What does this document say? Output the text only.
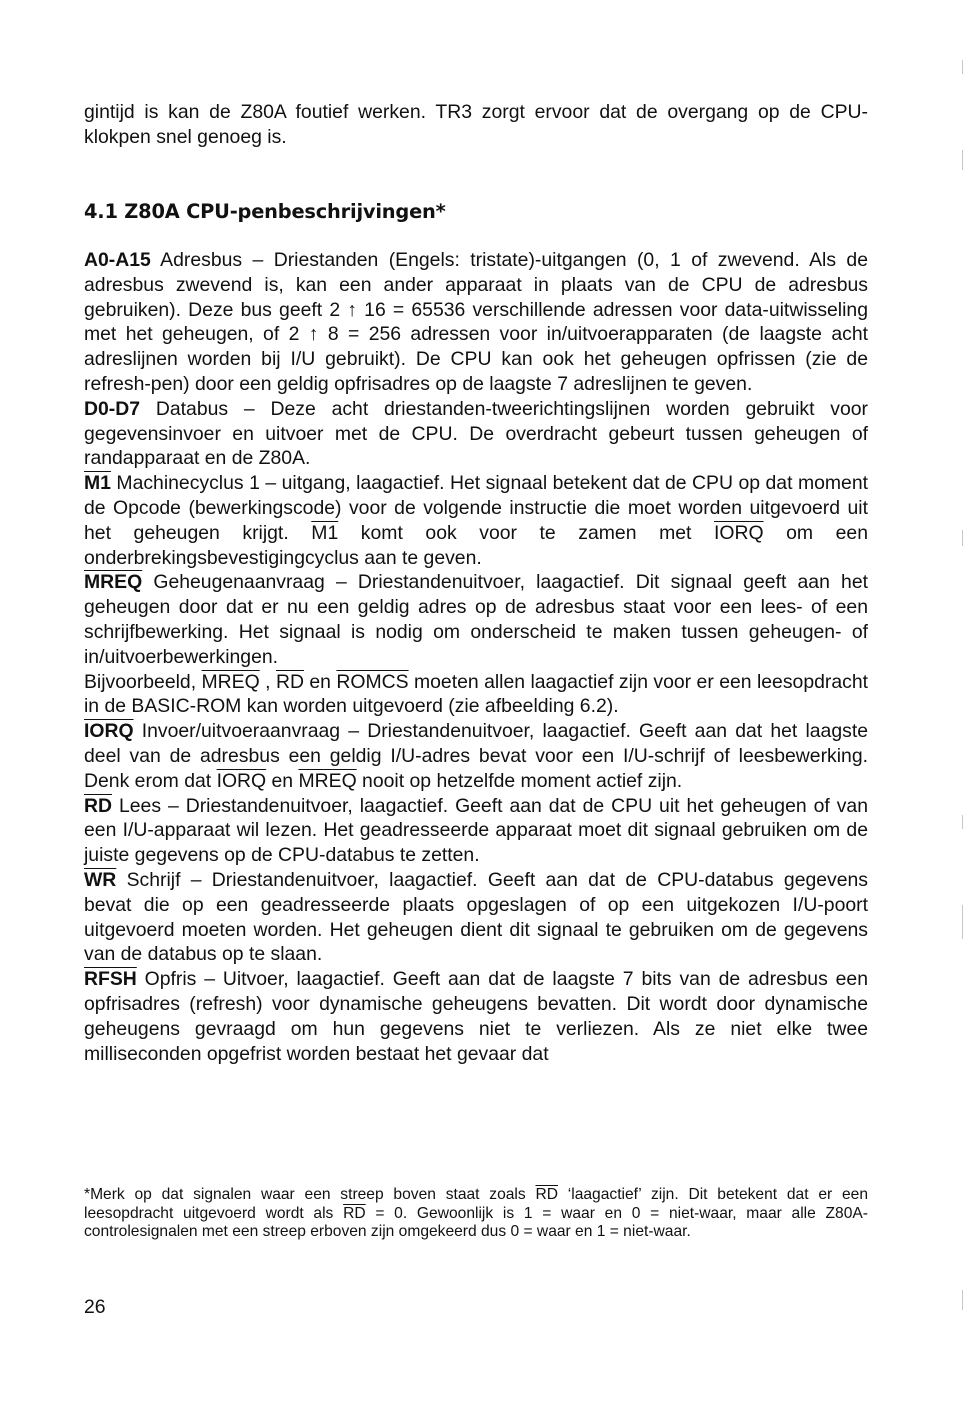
gintijd is kan de Z80A foutief werken. TR3 zorgt ervoor dat de overgang op de CPU-klokpen snel genoeg is.

4.1 Z80A CPU-penbeschrijvingen*

A0-A15 Adresbus – Driestanden (Engels: tristate)-uitgangen (0, 1 of zwevend. Als de adresbus zwevend is, kan een ander apparaat in plaats van de CPU de adresbus gebruiken). Deze bus geeft 2 ↑ 16 = 65536 verschillende adressen voor data-uitwisseling met het geheugen, of 2 ↑ 8 = 256 adressen voor in/uitvoerapparaten (de laagste acht adreslijnen worden bij I/U gebruikt). De CPU kan ook het geheugen opfrissen (zie de refresh-pen) door een geldig opfrisadres op de laagste 7 adreslijnen te geven.

D0-D7 Databus – Deze acht driestanden-tweerichtingslijnen worden gebruikt voor gegevensinvoer en uitvoer met de CPU. De overdracht gebeurt tussen geheugen of randapparaat en de Z80A.

M1 Machinecyclus 1 – uitgang, laagactief. Het signaal betekent dat de CPU op dat moment de Opcode (bewerkingscode) voor de volgende instructie die moet worden uitgevoerd uit het geheugen krijgt. M1 komt ook voor te zamen met IORQ om een onderbrekingsbevestigingcyclus aan te geven.

MREQ Geheugenaanvraag – Driestandenuitvoer, laagactief. Dit signaal geeft aan het geheugen door dat er nu een geldig adres op de adresbus staat voor een lees- of een schrijfbewerking. Het signaal is nodig om onderscheid te maken tussen geheugen- of in/uitvoerbewerkingen.

Bijvoorbeeld, MREQ , $\overline{RD}$ en ROMCS moeten allen laagactief zijn voor er een leesopdracht in de BASIC-ROM kan worden uitgevoerd (zie afbeelding 6.2).

IORQ Invoer/uitvoeraanvraag – Driestandenuitvoer, laagactief. Geeft aan dat het laagste deel van de adresbus een geldig I/U-adres bevat voor een I/U-schrijf of leesbewerking. Denk erom dat IORQ en MREQ nooit op hetzelfde moment actief zijn.

$\overline{RD}$ Lees – Driestandenuitvoer, laagactief. Geeft aan dat de CPU uit het geheugen of van een I/U-apparaat wil lezen. Het geadresseerde apparaat moet dit signaal gebruiken om de juiste gegevens op de CPU-databus te zetten.

$\overline{WR}$ Schrijf – Driestandenuitvoer, laagactief. Geeft aan dat de CPU-databus gegevens bevat die op een geadresseerde plaats opgeslagen of op een uitgekozen I/U-poort uitgevoerd moeten worden. Het geheugen dient dit signaal te gebruiken om de gegevens van de databus op te slaan.

RFSH Opfris – Uitvoer, laagactief. Geeft aan dat de laagste 7 bits van de adresbus een opfrisadres (refresh) voor dynamische geheugens bevatten. Dit wordt door dynamische geheugens gevraagd om hun gegevens niet te verliezen. Als ze niet elke twee milliseconden opgefrist worden bestaat het gevaar dat

*Merk op dat signalen waar een streep boven staat zoals $\overline{RD}$ ‘laagactief’ zijn. Dit betekent dat er een leesopdracht uitgevoerd wordt als $\overline{RD} = 0$. Gewoonlijk is 1 = waar en 0 = niet-waar, maar alle Z80A-controlesignalen met een streep erboven zijn omgekeerd dus 0 = waar en 1 = niet-waar.

26
